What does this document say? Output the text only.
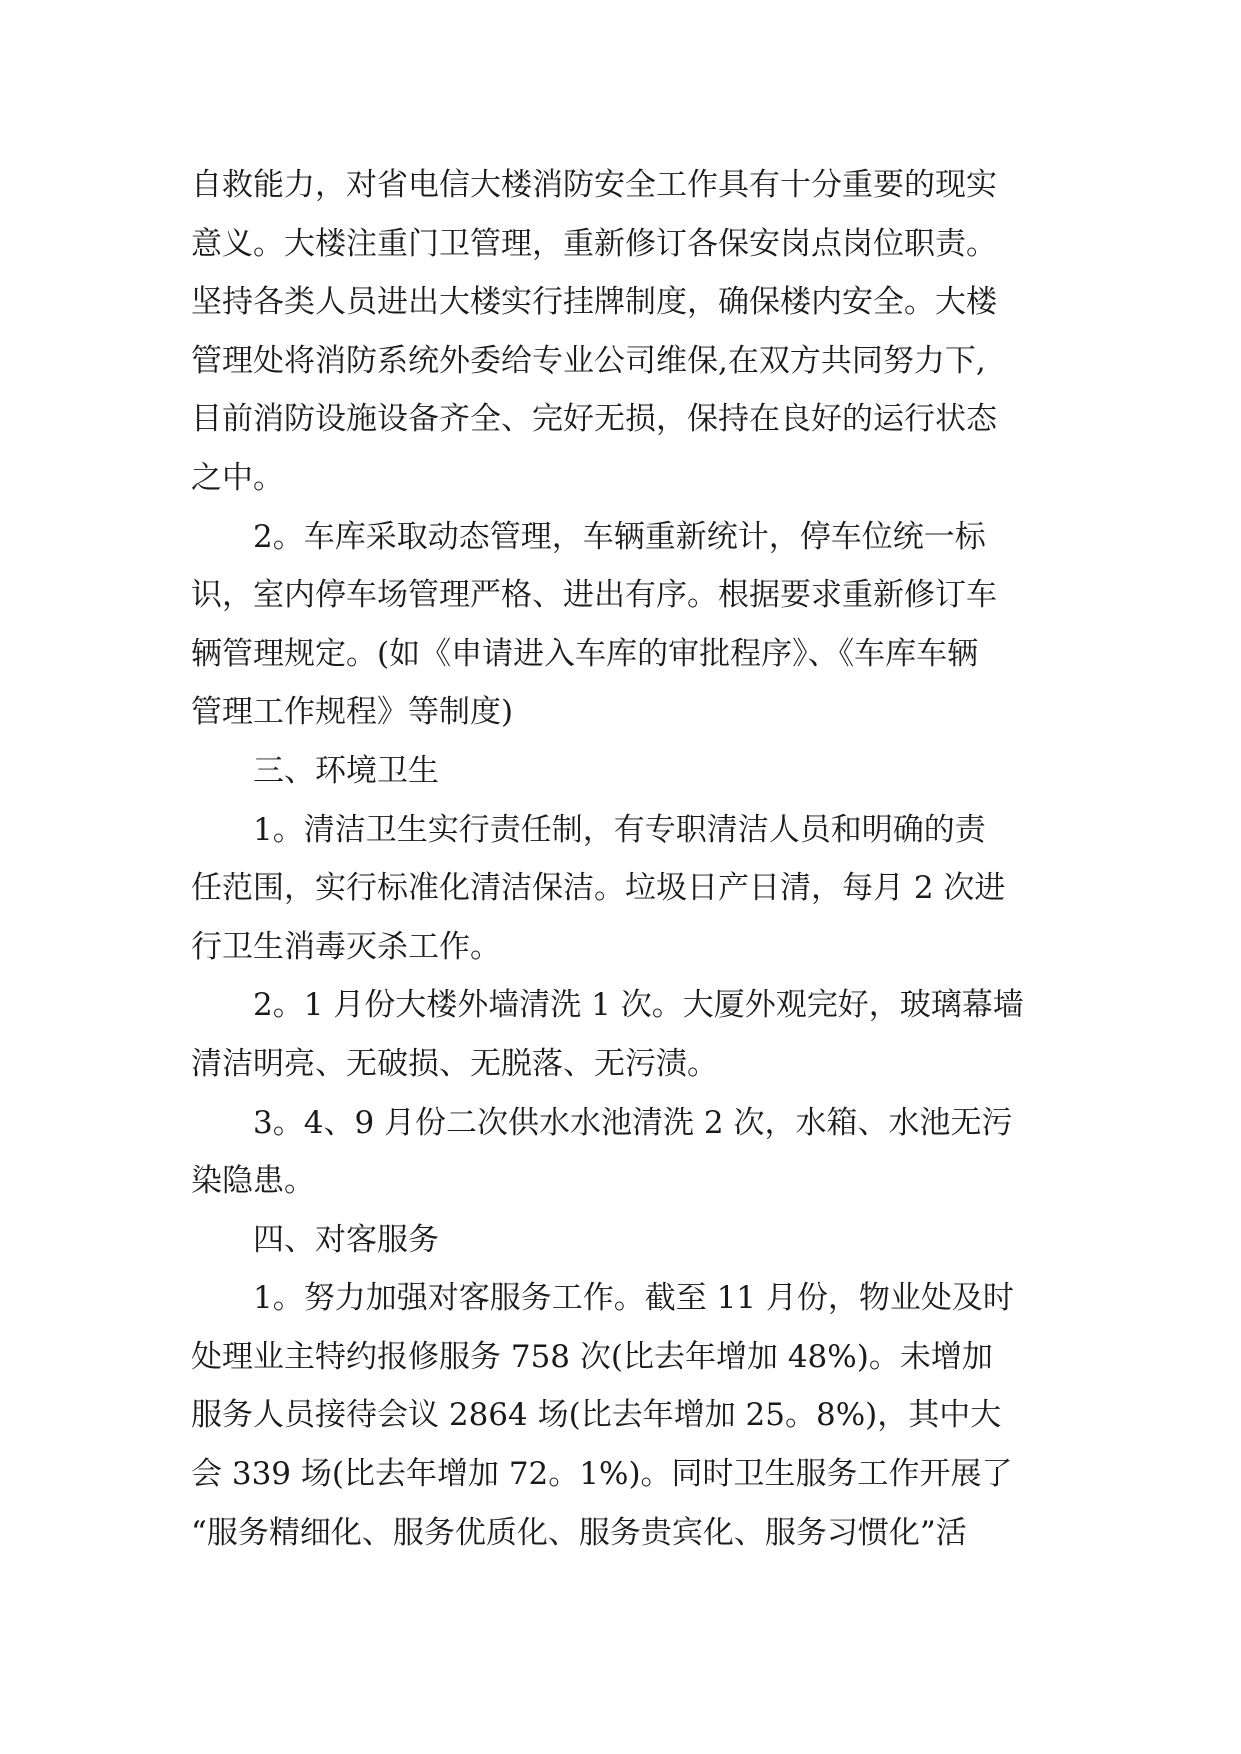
自救能力，对省电信大楼消防安全工作具有十分重要的现实
意义。大楼注重门卫管理，重新修订各保安岗点岗位职责。
坚持各类人员进出大楼实行挂牌制度，确保楼内安全。大楼
管理处将消防系统外委给专业公司维保,在双方共同努力下,
目前消防设施设备齐全、完好无损，保持在良好的运行状态
之中。
2。车库采取动态管理，车辆重新统计，停车位统一标
识，室内停车场管理严格、进出有序。根据要求重新修订车
辆管理规定。(如《申请进入车库的审批程序》、《车库车辆
管理工作规程》等制度)
三、环境卫生
1。清洁卫生实行责任制，有专职清洁人员和明确的责
任范围，实行标准化清洁保洁。垃圾日产日清，每月 2 次进
行卫生消毒灭杀工作。
2。1 月份大楼外墙清洗 1 次。大厦外观完好，玻璃幕墙
清洁明亮、无破损、无脱落、无污渍。
3。4、9 月份二次供水水池清洗 2 次，水箱、水池无污
染隐患。
四、对客服务
1。努力加强对客服务工作。截至 11 月份，物业处及时
处理业主特约报修服务 758 次(比去年增加 48%)。未增加
服务人员接待会议 2864 场(比去年增加 25。8%)，其中大
会 339 场(比去年增加 72。1%)。同时卫生服务工作开展了
“服务精细化、服务优质化、服务贵宾化、服务习惯化”活
